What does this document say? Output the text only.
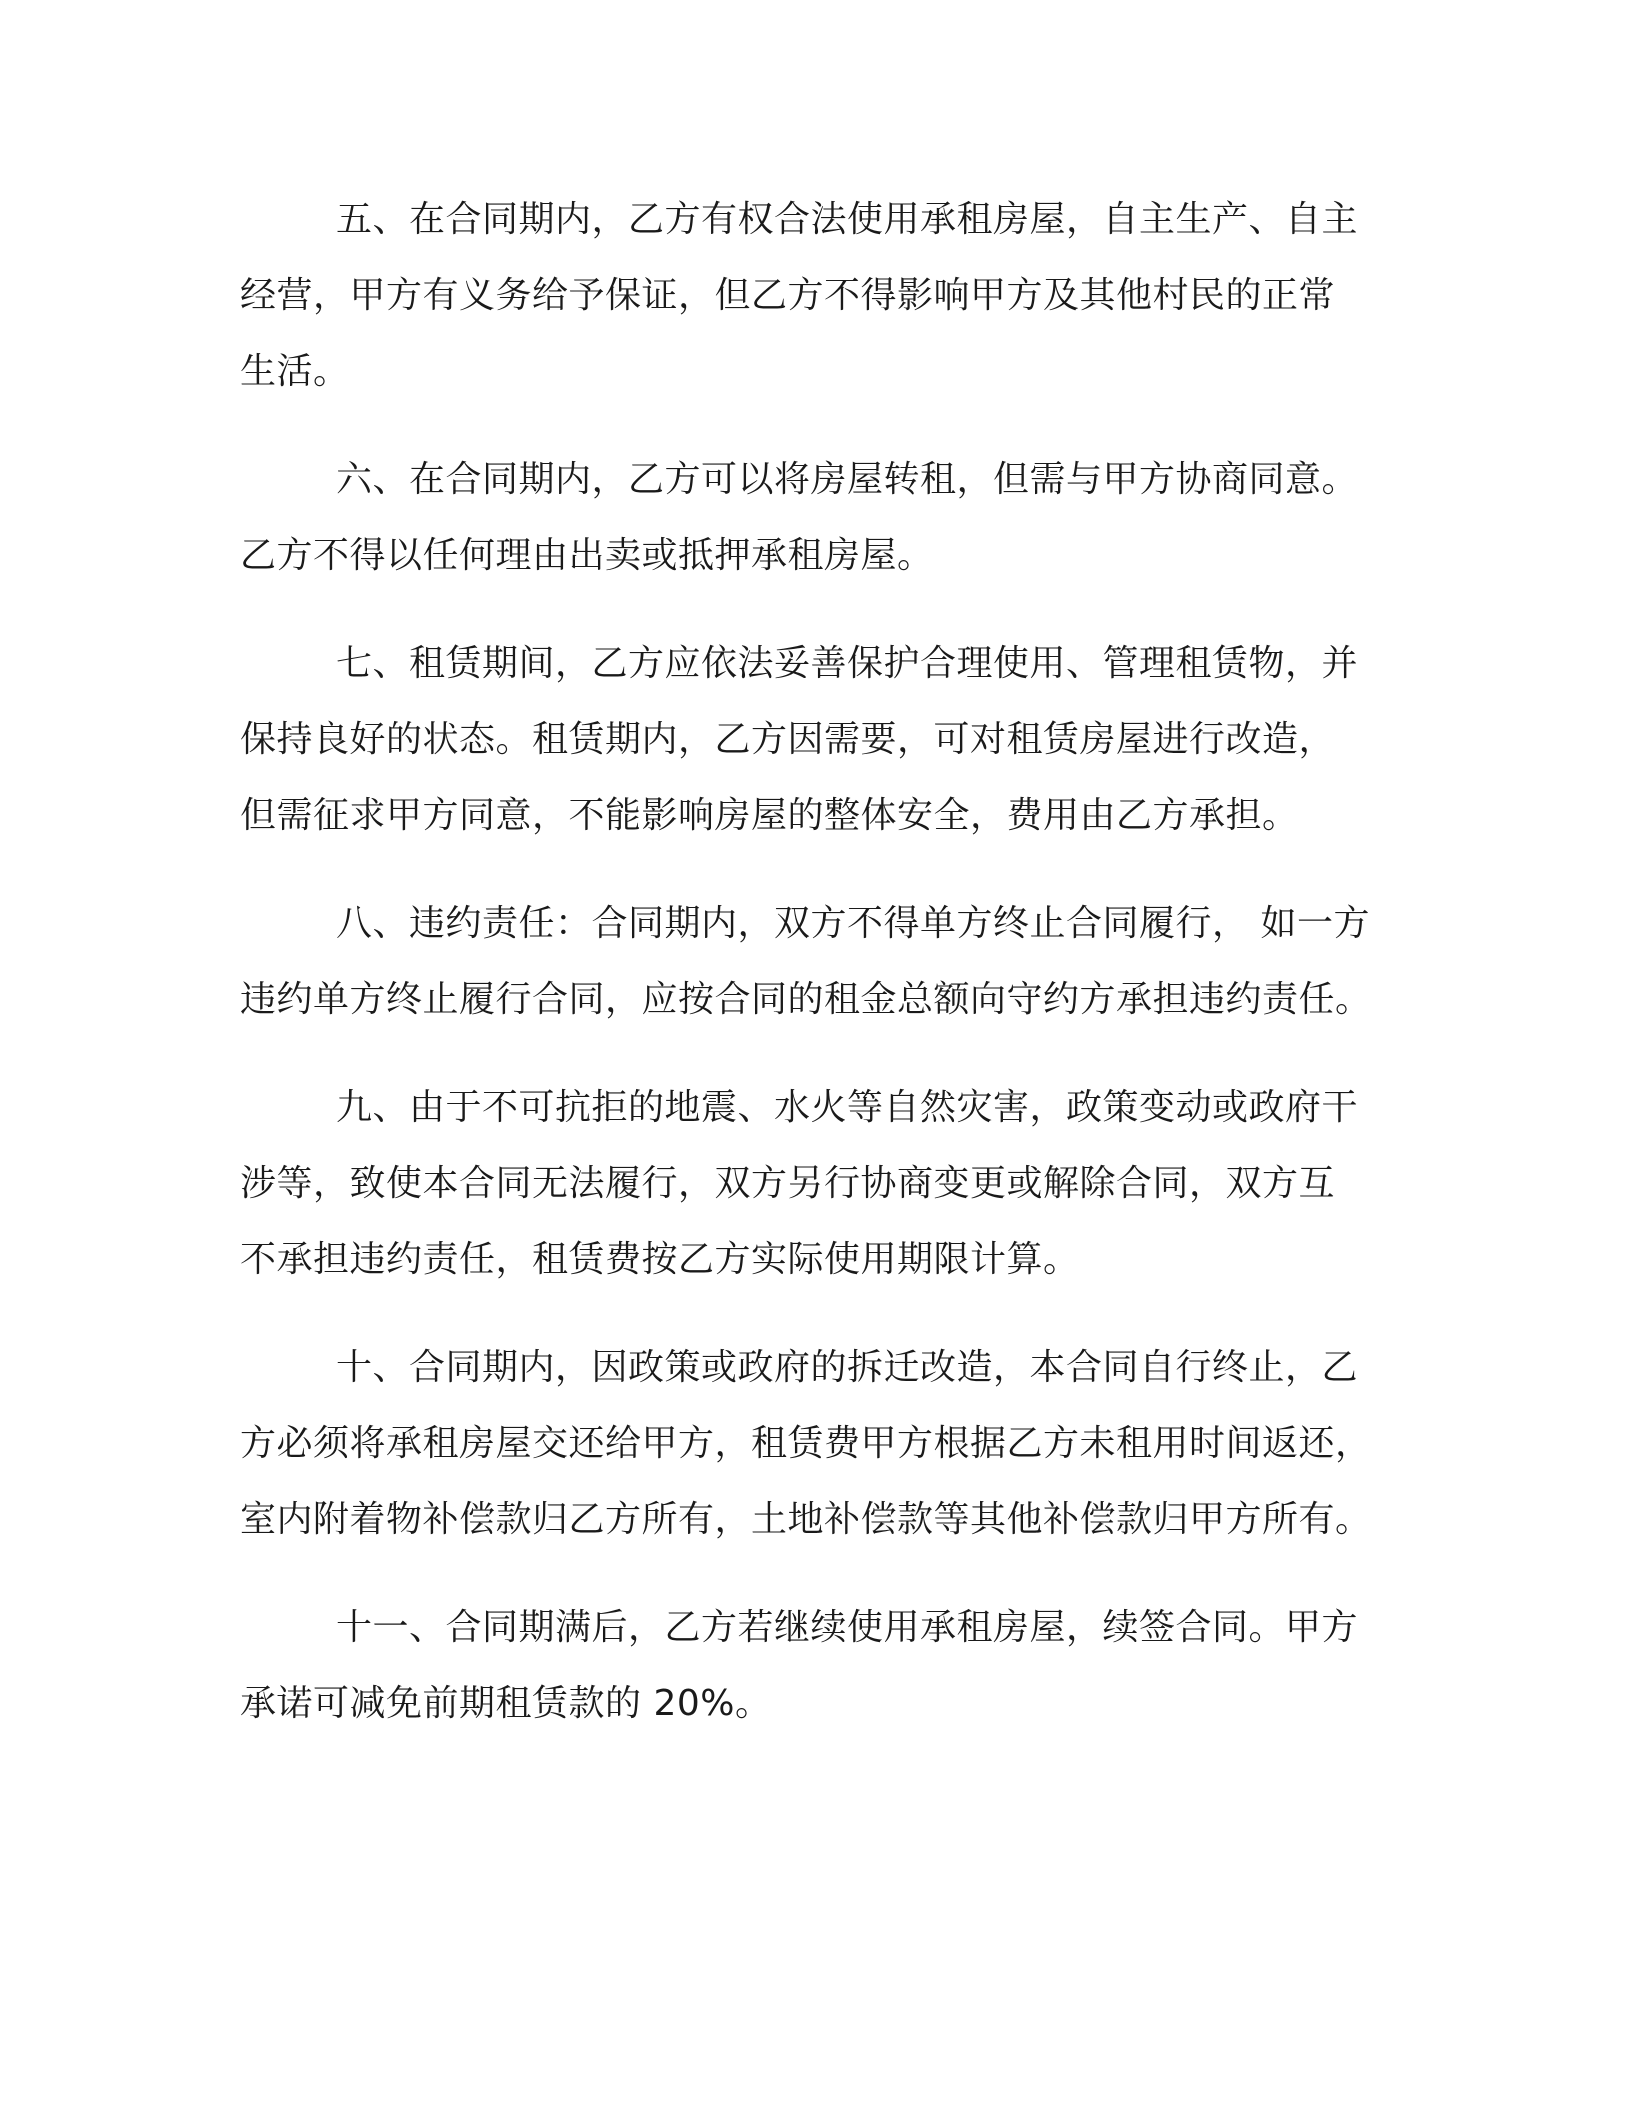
五、在合同期内，乙方有权合法使用承租房屋，自主生产、自主
经营，甲方有义务给予保证，但乙方不得影响甲方及其他村民的正常
生活。
六、在合同期内，乙方可以将房屋转租，但需与甲方协商同意。
乙方不得以任何理由出卖或抵押承租房屋。
七、租赁期间，乙方应依法妥善保护合理使用、管理租赁物，并
保持良好的状态。租赁期内，乙方因需要，可对租赁房屋进行改造，
但需征求甲方同意，不能影响房屋的整体安全，费用由乙方承担。
八、违约责任：合同期内，双方不得单方终止合同履行， 如一方
违约单方终止履行合同，应按合同的租金总额向守约方承担违约责任。
九、由于不可抗拒的地震、水火等自然灾害，政策变动或政府干
涉等，致使本合同无法履行，双方另行协商变更或解除合同，双方互
不承担违约责任，租赁费按乙方实际使用期限计算。
十、合同期内，因政策或政府的拆迁改造，本合同自行终止，乙
方必须将承租房屋交还给甲方，租赁费甲方根据乙方未租用时间返还，
室内附着物补偿款归乙方所有，土地补偿款等其他补偿款归甲方所有。
十一、合同期满后，乙方若继续使用承租房屋，续签合同。甲方
承诺可减免前期租赁款的 20%。
